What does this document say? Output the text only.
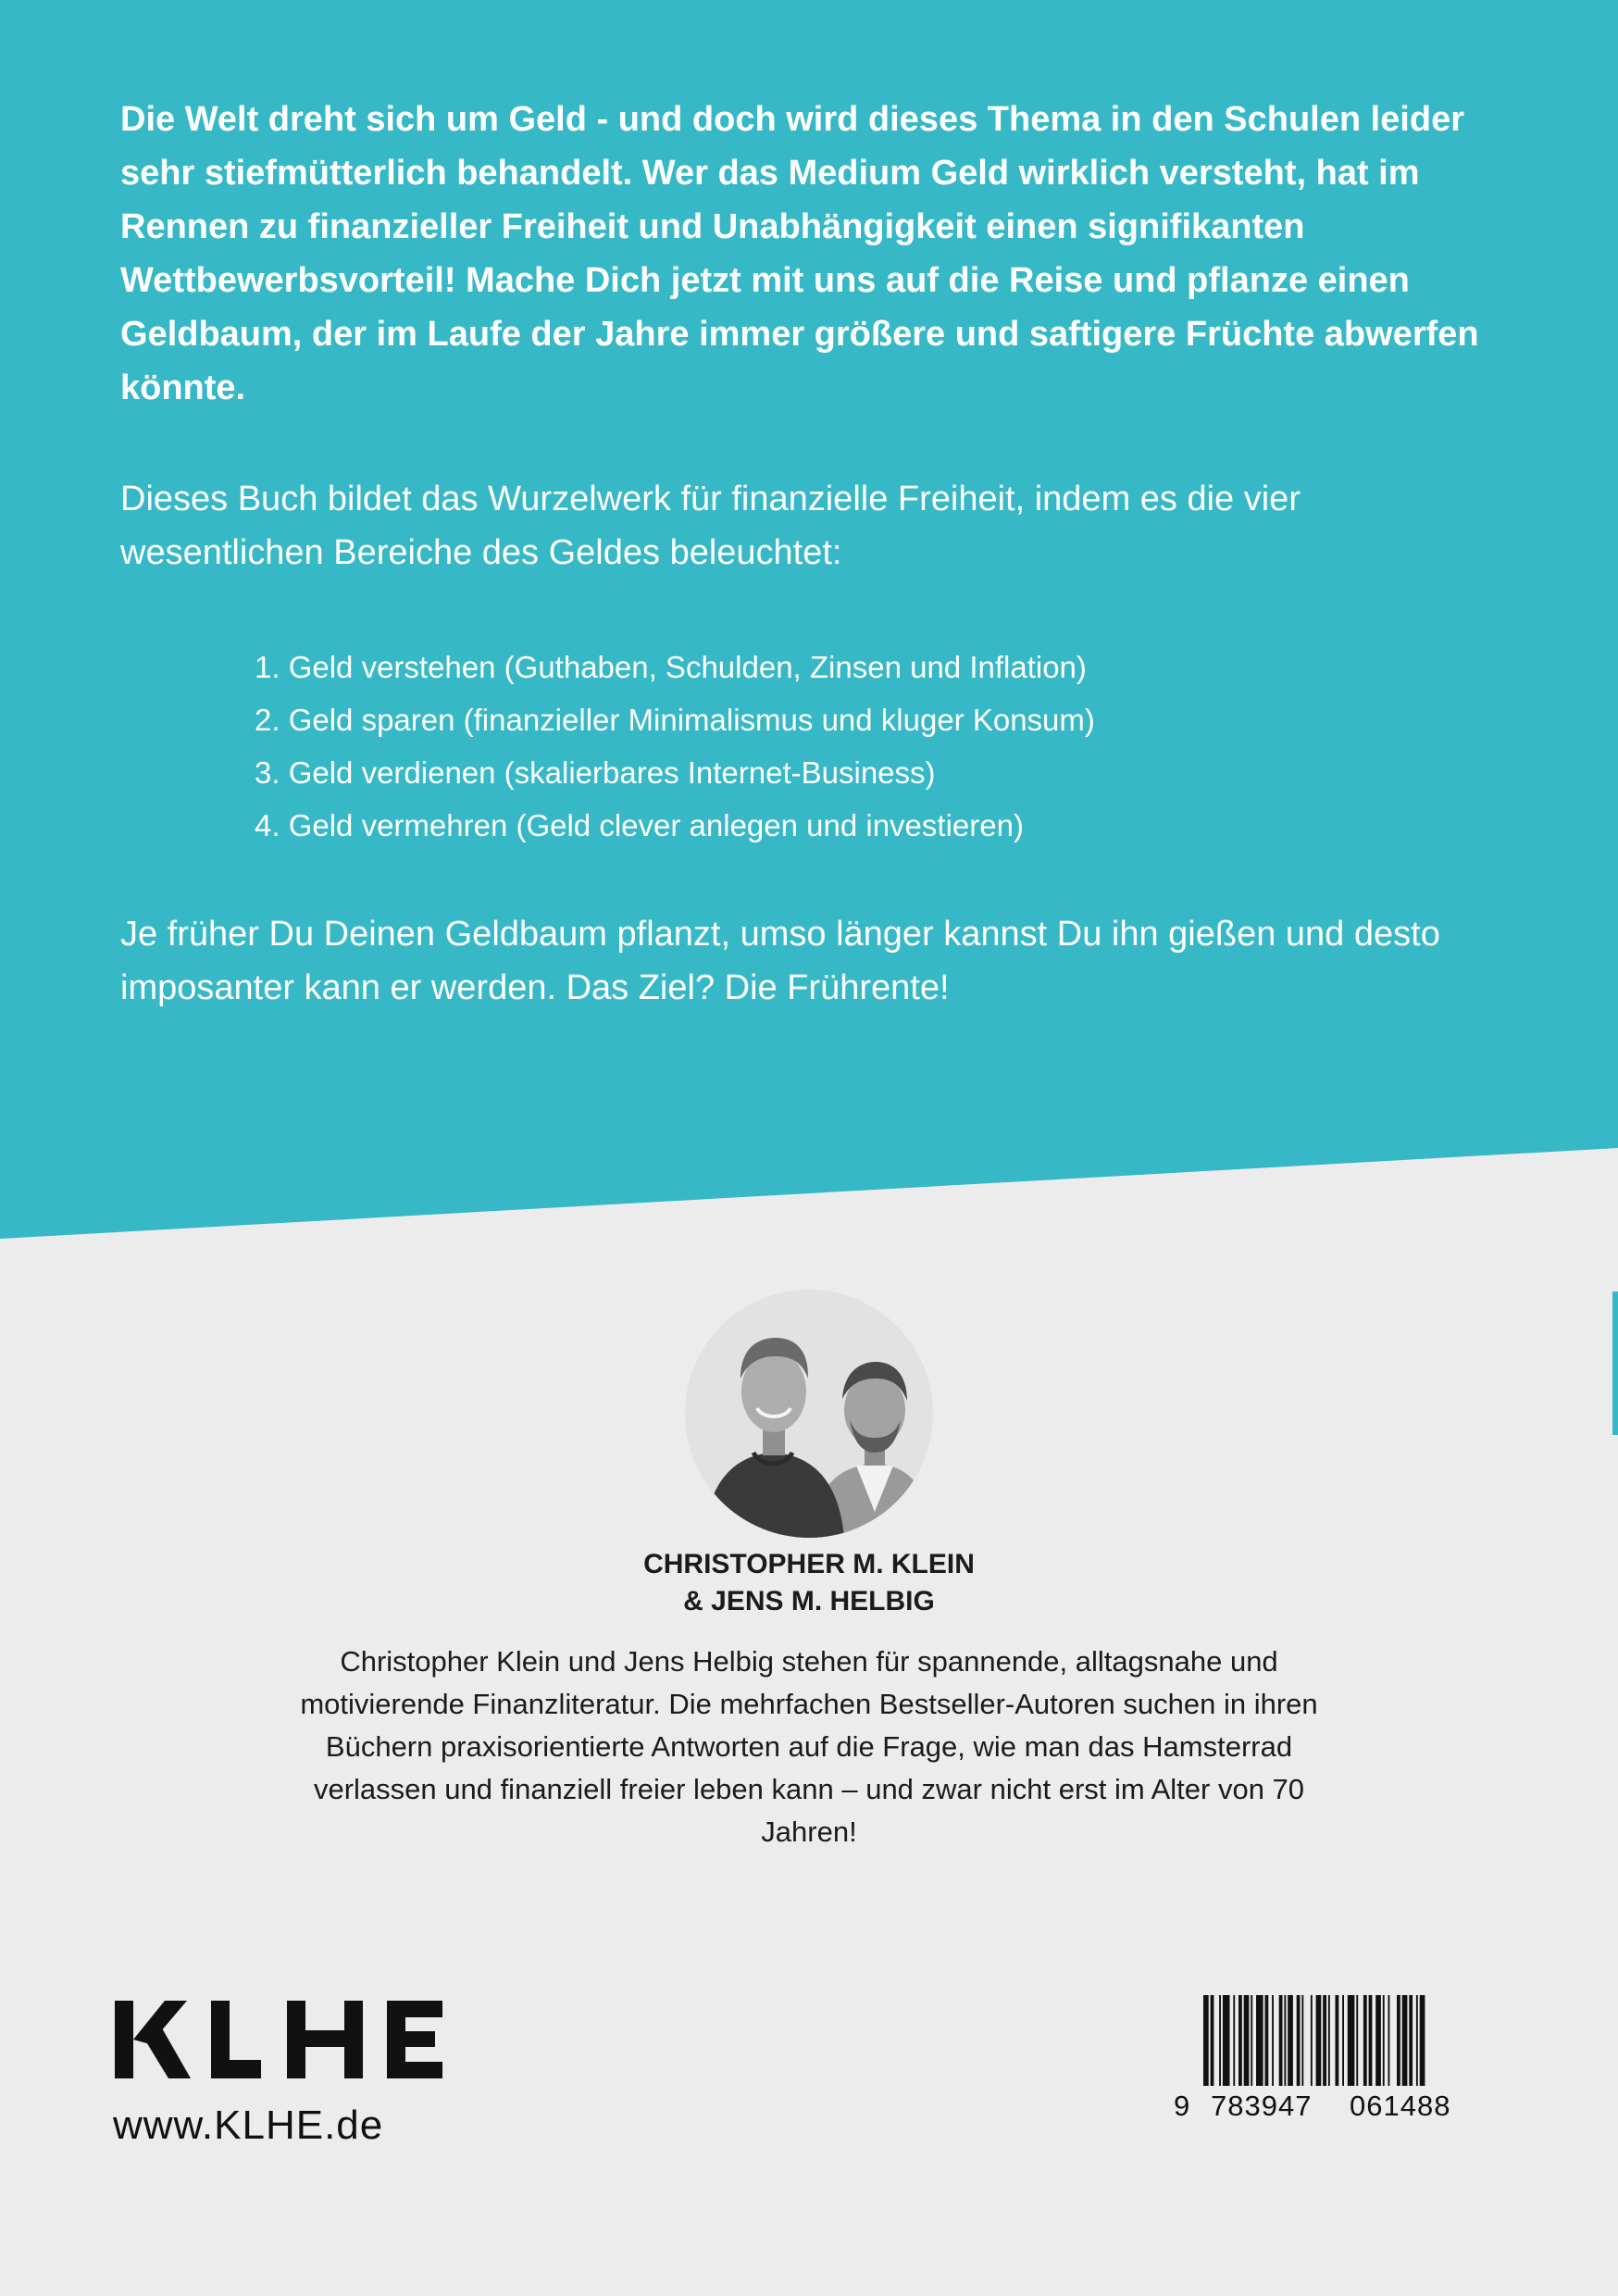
Die Welt dreht sich um Geld - und doch wird dieses Thema in den Schulen leider sehr stiefmütterlich behandelt. Wer das Medium Geld wirklich versteht, hat im Rennen zu finanzieller Freiheit und Unabhängigkeit einen signifikanten Wettbewerbsvorteil! Mache Dich jetzt mit uns auf die Reise und pflanze einen Geldbaum, der im Laufe der Jahre immer größere und saftigere Früchte abwerfen könnte.

Dieses Buch bildet das Wurzelwerk für finanzielle Freiheit, indem es die vier wesentlichen Bereiche des Geldes beleuchtet:

1. Geld verstehen (Guthaben, Schulden, Zinsen und Inflation)
2. Geld sparen (finanzieller Minimalismus und kluger Konsum)
3. Geld verdienen (skalierbares Internet-Business)
4. Geld vermehren (Geld clever anlegen und investieren)

Je früher Du Deinen Geldbaum pflanzt, umso länger kannst Du ihn gießen und desto imposanter kann er werden. Das Ziel? Die Frührente!

CHRISTOPHER M. KLEIN
& JENS M. HELBIG

Christopher Klein und Jens Helbig stehen für spannende, alltagsnahe und motivierende Finanzliteratur. Die mehrfachen Bestseller-Autoren suchen in ihren Büchern praxisorientierte Antworten auf die Frage, wie man das Hamsterrad verlassen und finanziell freier leben kann – und zwar nicht erst im Alter von 70 Jahren!

www.KLHE.de	9 783947 061488
